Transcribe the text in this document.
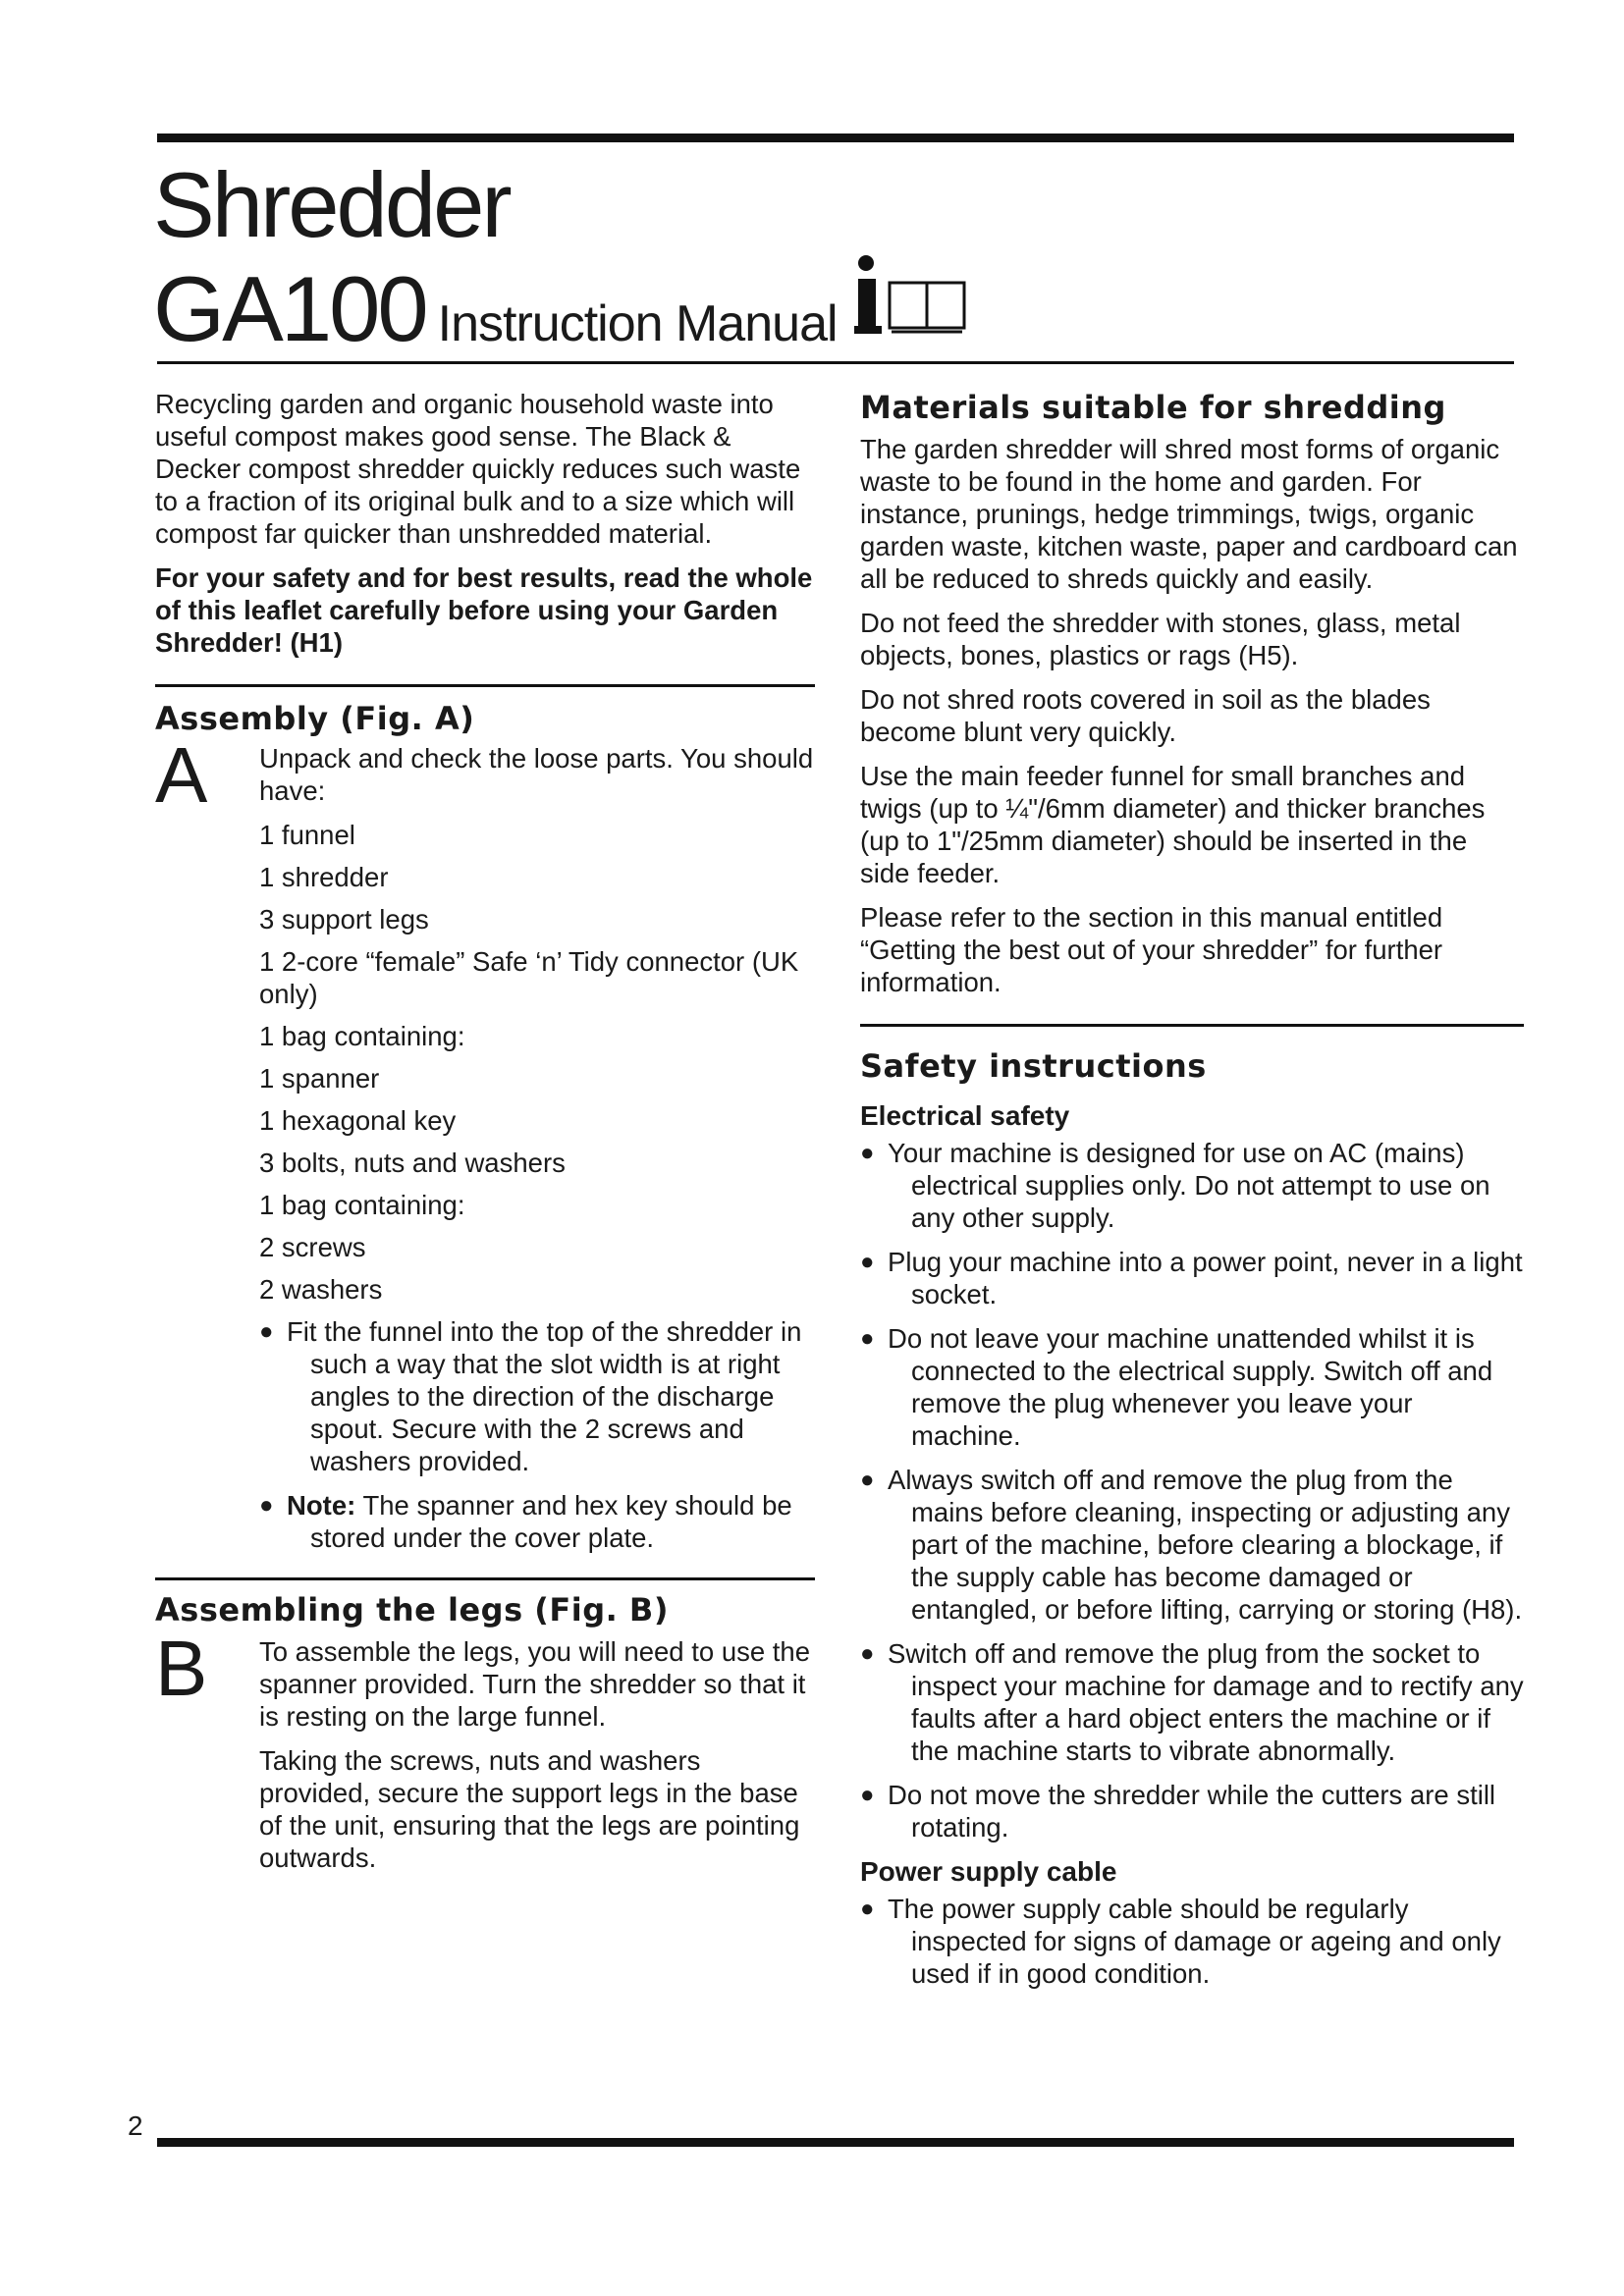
Shredder
GA100 Instruction Manual

Recycling garden and organic household waste into useful compost makes good sense. The Black & Decker compost shredder quickly reduces such waste to a fraction of its original bulk and to a size which will compost far quicker than unshredded material.

For your safety and for best results, read the whole of this leaflet carefully before using your Garden Shredder! (H1)

Assembly (Fig. A)
A Unpack and check the loose parts. You should have:

1 funnel

1 shredder

3 support legs

1 2-core “female” Safe ‘n’ Tidy connector (UK only)

1 bag containing:

1 spanner

1 hexagonal key

3 bolts, nuts and washers

1 bag containing:

2 screws

2 washers

● Fit the funnel into the top of the shredder in such a way that the slot width is at right angles to the direction of the discharge spout. Secure with the 2 screws and washers provided.
● Note: The spanner and hex key should be stored under the cover plate.
Assembling the legs (Fig. B)
B To assemble the legs, you will need to use the spanner provided. Turn the shredder so that it is resting on the large funnel.

Taking the screws, nuts and washers provided, secure the support legs in the base of the unit, ensuring that the legs are pointing outwards.

Materials suitable for shredding

The garden shredder will shred most forms of organic waste to be found in the home and garden. For instance, prunings, hedge trimmings, twigs, organic garden waste, kitchen waste, paper and cardboard can all be reduced to shreds quickly and easily.

Do not feed the shredder with stones, glass, metal objects, bones, plastics or rags (H5).

Do not shred roots covered in soil as the blades become blunt very quickly.

Use the main feeder funnel for small branches and twigs (up to ¼"/6mm diameter) and thicker branches (up to 1"/25mm diameter) should be inserted in the side feeder.

Please refer to the section in this manual entitled “Getting the best out of your shredder” for further information.

Safety instructions
Electrical safety
● Your machine is designed for use on AC (mains) electrical supplies only. Do not attempt to use on any other supply.
● Plug your machine into a power point, never in a light socket.
● Do not leave your machine unattended whilst it is connected to the electrical supply. Switch off and remove the plug whenever you leave your machine.
● Always switch off and remove the plug from the mains before cleaning, inspecting or adjusting any part of the machine, before clearing a blockage, if the supply cable has become damaged or entangled, or before lifting, carrying or storing (H8).
● Switch off and remove the plug from the socket to inspect your machine for damage and to rectify any faults after a hard object enters the machine or if the machine starts to vibrate abnormally.
● Do not move the shredder while the cutters are still rotating.
Power supply cable
● The power supply cable should be regularly inspected for signs of damage or ageing and only used if in good condition.
2
